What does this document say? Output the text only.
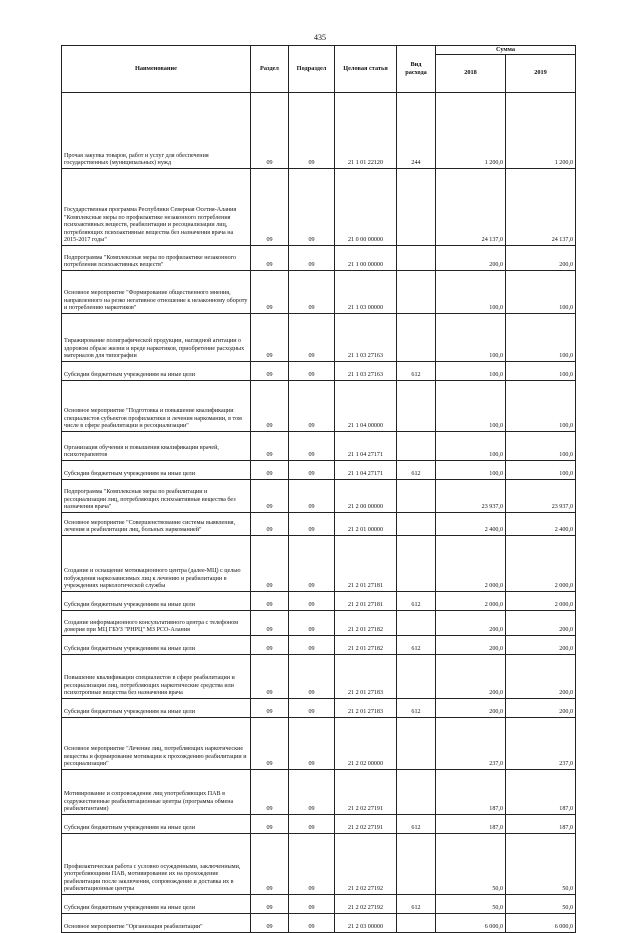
435
Наименование	Раздел	Подраздел	Целовая статья	Вид расхода	Сумма	
					2018	2019
Прочая закупка товаров, работ и услуг для обеспечения государственных (муниципальных) нужд	09	09	21 1 01 22120	244	1 200,0	1 200,0
Государственная программа Республики Северная Осетия-Алания "Комплексные меры по профилактике незаконного потребления психоактивных веществ, реабилитации и ресоциализации лиц, потребляющих психоактивные вещества без назначения врача на 2015-2017 годы"	09	09	21 0 00 00000		24 137,0	24 137,0
Подпрограмма "Комплексные меры по профилактике незаконного потребления психоактивных веществ"	09	09	21 1 00 00000		200,0	200,0
Основное мероприятие "Формирование общественного мнения, направленного на резко негативное отношение к незаконному обороту и потреблению наркотиков"	09	09	21 1 03 00000		100,0	100,0
Тиражирование полиграфической продукции, наглядной агитации о здоровом образе жизни и вреде наркотиков, приобретение расходных материалов для типографии	09	09	21 1 03 27163		100,0	100,0
Субсидии бюджетным учреждениям на иные цели	09	09	21 1 03 27163	612	100,0	100,0
Основное мероприятие "Подготовка и повышение квалификации специалистов субъектов профилактики и лечения наркомании, в том числе в сфере реабилитации и ресоциализации"	09	09	21 1 04 00000		100,0	100,0
Организация обучения и повышения квалификации врачей, психотерапевтов	09	09	21 1 04 27171		100,0	100,0
Субсидии бюджетным учреждениям на иные цели	09	09	21 1 04 27171	612	100,0	100,0
Подпрограмма "Комплексные меры по реабилитации и ресоциализации лиц, потребляющих психоактивные вещества без назначения врача"	09	09	21 2 00 00000		23 937,0	23 937,0
Основное мероприятие "Совершенствование системы выявления, лечения и реабилитации лиц, больных наркоманией"	09	09	21 2 01 00000		2 400,0	2 400,0
Создание и оснащение мотивационного центра (далее-МЦ) с целью побуждения наркозависимых лиц к лечению и реабилитации в учреждениях наркологической службы	09	09	21 2 01 27181		2 000,0	2 000,0
Субсидии бюджетным учреждениям на иные цели	09	09	21 2 01 27181	612	2 000,0	2 000,0
Создание информационного консультативного центра с телефоном доверия при МЦ ГБУЗ "РНРЦ" МЗ РСО-Алания	09	09	21 2 01 27182		200,0	200,0
Субсидии бюджетным учреждениям на иные цели	09	09	21 2 01 27182	612	200,0	200,0
Повышение квалификации специалистов в сфере реабилитации и ресоциализации лиц, потребляющих наркотические средства или психотропные вещества без назначения врача	09	09	21 2 01 27183		200,0	200,0
Субсидии бюджетным учреждениям на иные цели	09	09	21 2 01 27183	612	200,0	200,0
Основное мероприятие "Лечение лиц, потребляющих наркотические вещества и формирование мотивации к прохождению реабилитации и ресоциализации"	09	09	21 2 02 00000		237,0	237,0
Мотивирование и сопровождение лиц употребляющих ПАВ в содружественные реабилитационные центры (программа обмена реабилитантами)	09	09	21 2 02 27191		187,0	187,0
Субсидии бюджетным учреждениям на иные цели	09	09	21 2 02 27191	612	187,0	187,0
Профилактическая работа с условно осужденными, заключенными, употребляющими ПАВ, мотивирование их на прохождение реабилитации после заключения, сопровождение и доставка их в реабилитационные центры	09	09	21 2 02 27192		50,0	50,0
Субсидии бюджетным учреждениям на иные цели	09	09	21 2 02 27192	612	50,0	50,0
Основное мероприятие "Организация реабилитации"	09	09	21 2 03 00000		6 000,0	6 000,0
